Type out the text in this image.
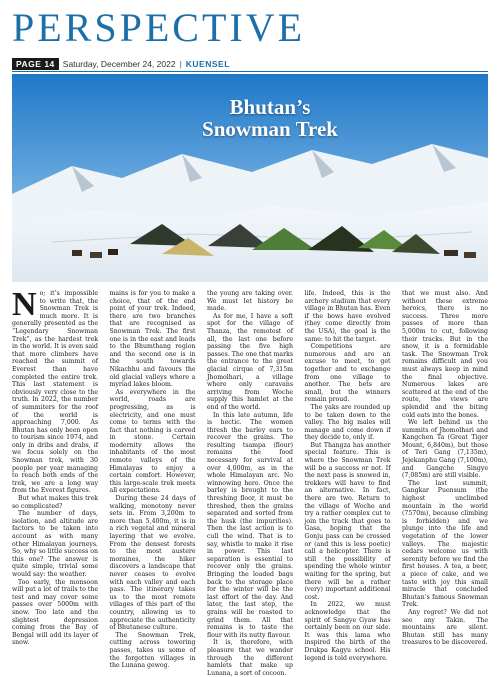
PERSPECTIVE
PAGE 14 Saturday, December 24, 2022 | KUENSEL
Bhutan’s
Snowman Trek

No; it’s impossible to write that, the Snowman Trek is much more. It is generally presented as the “Legendary Snowman Trek”, as the hardest trek in the world. It is even said that more climbers have reached the summit of Everest than have completed the entire trek. This last statement is obviously very close to the truth. In 2022, the number of summiters for the roof of the world is approaching 7,000. As Bhutan has only been open to tourism since 1974, and only in dribs and drabs, if we focus solely on the Snowman trek, with 30 people per year managing to reach both ends of the trek, we are a long way from the Everest figures.

But what makes this trek so complicated?

The number of days, isolation, and altitude are factors to be taken into account as with many other Himalayan journeys. So, why so little success on this one? The answer is quite simple, trivial some would say: the weather.

Too early, the monsoon will put a lot of trails to the test and may cover some passes over 5000m with snow. Too late and the slightest depression coming from the Bay of Bengal will add its layer of snow.

mains is for you to make a choice, that of the end point of your trek. Indeed, there are two branches that are recognised as Snowman Trek. The first one is in the east and leads to the Bhumthang region and the second one is in the south towards Nikachhu and favours the old glacial valleys where a myriad lakes bloom.

As everywhere in the world, roads are progressing, as is electricity, and one must come to terms with the fact that nothing is carved in stone. Certain modernity allows the inhabitants of the most remote valleys of the Himalayas to enjoy a certain comfort. However, this large-scale trek meets all expectations.

During these 24 days of walking, monotony never sets in. From 3,200m to more than 5,400m, it is in a rich vegetal and mineral layering that we evolve. From the densest forests to the most austere moraines, the hiker discovers a landscape that never ceases to evolve with each valley and each pass. The itinerary takes us to the most remote villages of this part of the country, allowing us to appreciate the authenticity of Bhutanese culture.

The Snowman Trek, cutting across towering passes, takes us some of the forgotten villages in the Lunana gewog.

the young are taking over. We must let history be made.

As for me, I have a soft spot for the village of Thanza, the remotest of all, the last one before passing the five high passes. The one that marks the entrance to the great glacial cirque of 7,315m Jhomolhari, a village where only caravans arriving from Woche supply this hamlet at the end of the world.

In this late autumn, life is hectic. The women thresh the barley ears to recover the grains. The resulting tsampa (flour) remains the food necessary for survival at over 4,000m, as in the whole Himalayan arc. No winnowing here. Once the barley is brought to the threshing floor, it must be threshed, then the grains separated and sorted from the husk (the impurities). Then the last action is to cull the wind. That is to say, whistle to make it rise in power. This last separation is essential to recover only the grains. Bringing the loaded bags back to the storage place for the winter will be the last effort of the day. And later, the last step, the grains will be roasted to grind them. All that remains is to taste the flour with its nutty flavour.

It is, therefore, with pleasure that we wander through the different hamlets that make up Lunana, a sort of cocoon.

life. Indeed, this is the archery stadium that every village in Bhutan has. Even if the bows have evolved (they come directly from the USA), the goal is the same: to hit the target.

Competitions are numerous and are an excuse to meet, to get together and to exchange from one village to another. The bets are small, but the winners remain proud.

The yaks are rounded up to be taken down to the valley. The big males will manage and come down if they decide to, only if.

But Thangza has another special feature. This is where the Snowman Trek will be a success or not. If the next pass is snowed in, trekkers will have to find an alternative. In fact, there are two. Return to the village of Woche and try a rather complex cut to join the track that goes to Gasa, hoping that the Gonju pass can be crossed or (and this is less poetic) call a helicopter. There is still the possibility of spending the whole winter waiting for the spring, but there will be a rather (very) important additional cost.

In 2022, we must acknowledge that the spirit of Sangye Gyaw has certainly been on our side. It was this lama who inspired the birth of the Drukpa Kagyu school. His legend is told everywhere.

that we must also. And without these extreme heroics, there is no success. Three more passes of more than 5,000m to cut, following their tracks. But in the snow, it is a formidable task. The Snowman Trek remains difficult and you must always keep in mind the final objective. Numerous lakes are scattered at the end of the route, the views are splendid and the biting cold eats into the bones.

We left behind us the summits of Jhomolhari and Kangchen Ta (Great Tiger Mount, 6,840m), but those of Teri Gang (7,135m), Jejekanphu Gang (7,100m), and Gangche Singye (7,085m) are still visible.

The last summit, Gangkar Puensum (the highest unclimbed mountain in the world (7570m), because climbing is forbidden) and we plunge into the life and vegetation of the lower valleys. The majestic cedars welcome us with serenity before we find the first houses. A tea, a beer, a piece of cake, and we taste with joy this small miracle that concluded Bhutan’s famous Snowman Trek.

Any regret? We did not see any Takin. The mountains are silent. Bhutan still has many treasures to be discovered.
